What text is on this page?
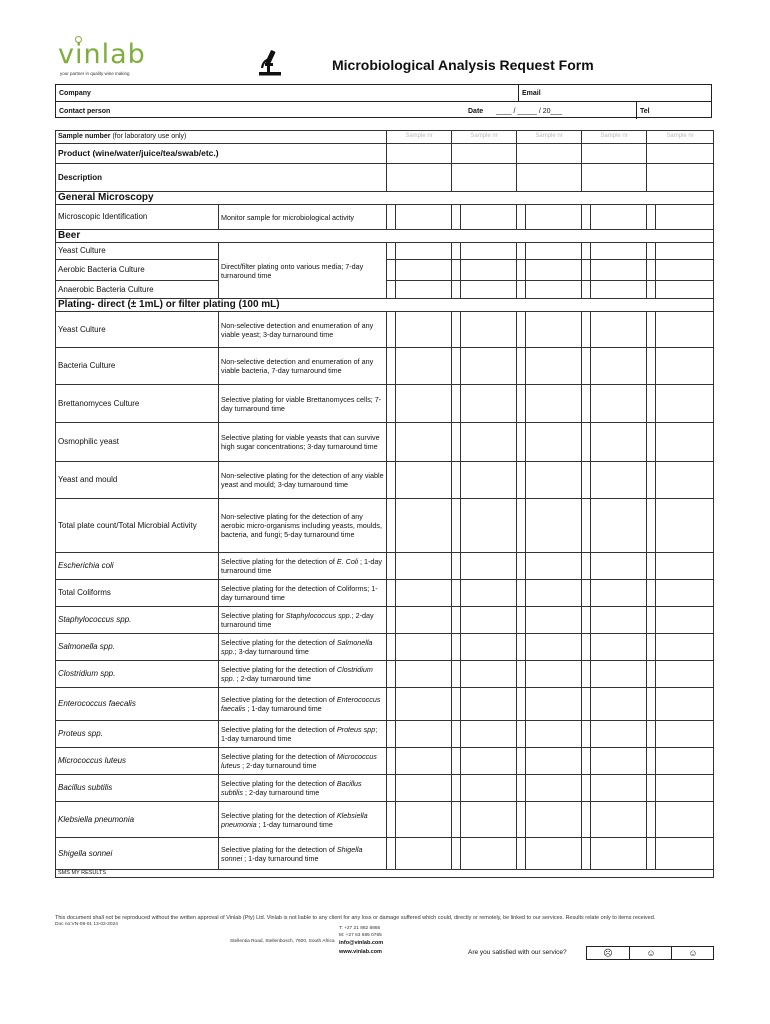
vinlab
your partner in quality wine making
Microbiological Analysis Request Form
Company	Email
Contact person	Date ____ / _____ / 20___	Tel
Sample number (for laboratory use only)		Sample nr		Sample nr		Sample nr		Sample nr		Sample nr	
Product (wine/water/juice/tea/swab/etc.)											
Description											
General Microscopy											
Microscopic Identification	Monitor sample for microbiological activity										
Beer											
Yeast Culture	Direct/filter plating onto various media; 7-day turnaround time										
Aerobic Bacteria Culture											
Anaerobic Bacteria Culture											
Plating- direct (± 1mL) or filter plating (100 mL)											
Yeast Culture	Non-selective detection and enumeration of any viable yeast; 3-day turnaround time										
Bacteria Culture	Non-selective detection and enumeration of any viable bacteria, 7-day turnaround time										
Brettanomyces Culture	Selective plating for viable Brettanomyces cells; 7-day turnaround time										
Osmophilic yeast	Selective plating for viable yeasts that can survive high sugar concentrations; 3-day turnaround time										
Yeast and mould	Non-selective plating for the detection of any viable yeast and mould; 3-day turnaround time										
Total plate count/Total Microbial Activity	Non-selective plating for the detection of any aerobic micro-organisms including yeasts, moulds, bacteria, and fungi; 5-day turnaround time										
Escherichia coli	Selective plating for the detection of E. Coli ; 1-day turnaround time										
Total Coliforms	Selective plating for the detection of Coliforms; 1-day turnaround time										
Staphylococcus spp.	Selective plating for Staphylococcus spp.; 2-day turnaround time										
Salmonella spp.	Selective plating for the detection of Salmonella spp.; 3-day turnaround time										
Clostridium spp.	Selective plating for the detection of Clostridium spp. ; 2-day turnaround time										
Enterococcus faecalis	Selective plating for the detection of Enterococcus faecalis ; 1-day turnaround time										
Proteus spp.	Selective plating for the detection of Proteus spp; 1-day turnaround time										
Micrococcus luteus	Selective plating for the detection of Micrococcus luteus ; 2-day turnaround time										
Bacillus subtilis	Selective plating for the detection of Bacillus subtilis ; 2-day turnaround time										
Klebsiella pneumonia	Selective plating for the detection of Klebsiella pneumonia ; 1-day turnaround time										
Shigella sonnei	Selective plating for the detection of Shigella sonnei ; 1-day turnaround time										
SMS MY RESULTS											
This document shall not be reproduced without the written approval of Vinlab (Pty) Ltd. Vinlab is not liable to any client for any loss or damage suffered which could, directly or remotely, be linked to our services. Results relate only to items received.
Doc no:VN-08-01 13-02-2024
Stellentia Road, Stellenbosch, 7600, South Africa
T: +27 21 882 8866
M: +27 63 685 0765
info@vinlab.com
www.vinlab.com	Are you satisfied with our service?	☹	☺	☺
